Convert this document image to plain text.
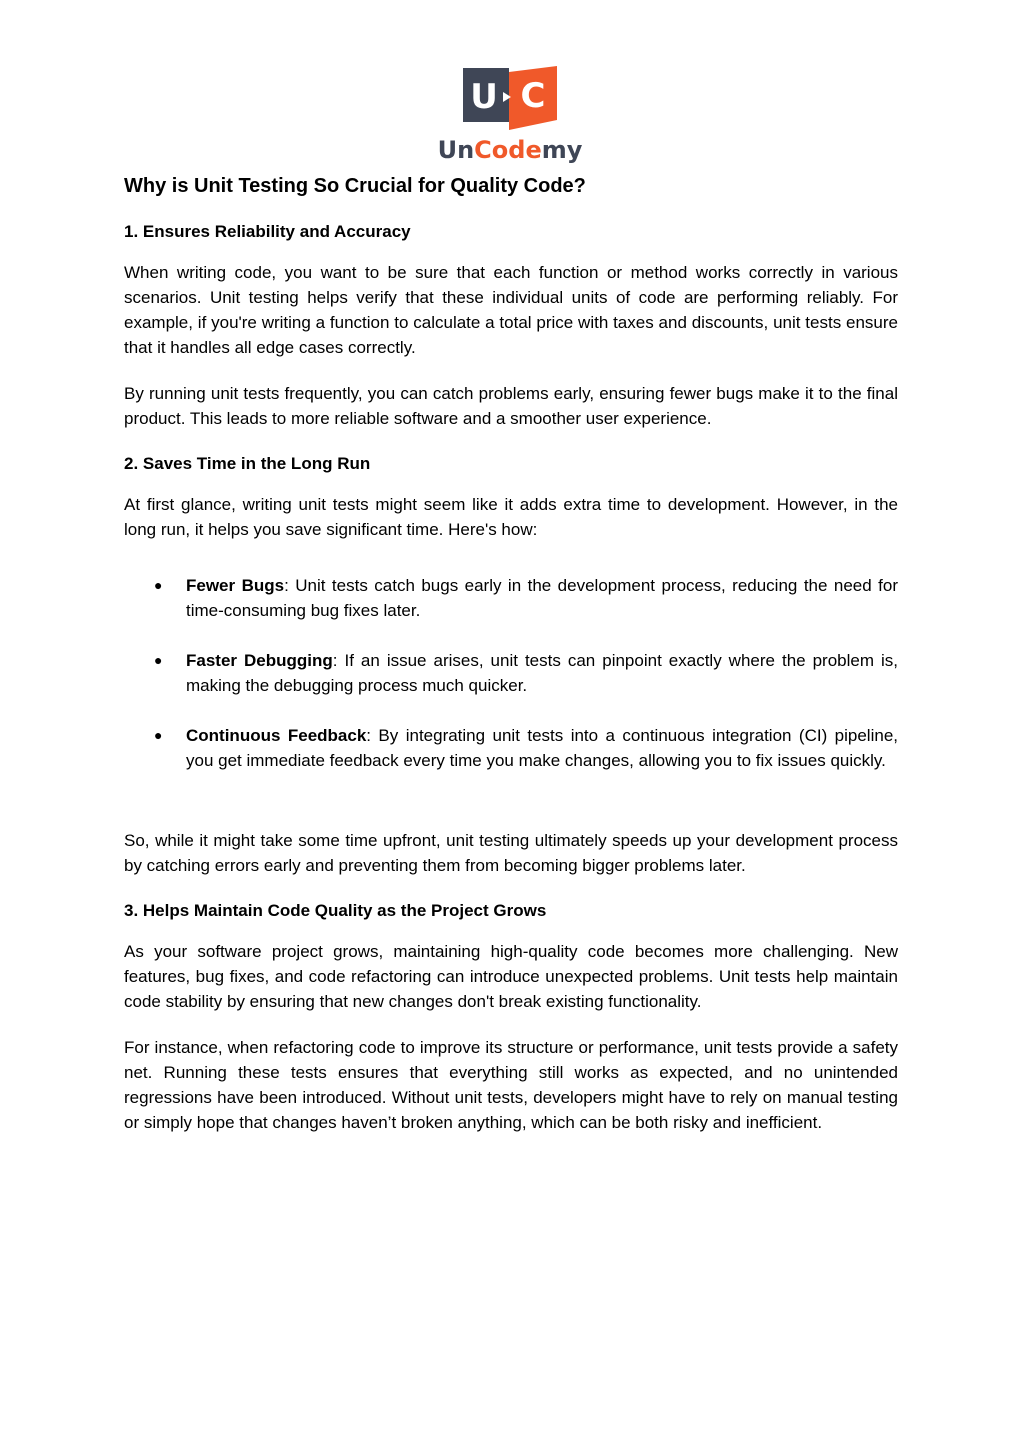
U C
UnCodemy
Why is Unit Testing So Crucial for Quality Code?
1. Ensures Reliability and Accuracy

When writing code, you want to be sure that each function or method works correctly in various scenarios. Unit testing helps verify that these individual units of code are performing reliably. For example, if you're writing a function to calculate a total price with taxes and discounts, unit tests ensure that it handles all edge cases correctly.

By running unit tests frequently, you can catch problems early, ensuring fewer bugs make it to the final product. This leads to more reliable software and a smoother user experience.

2. Saves Time in the Long Run

At first glance, writing unit tests might seem like it adds extra time to development. However, in the long run, it helps you save significant time. Here's how:

● Fewer Bugs: Unit tests catch bugs early in the development process, reducing the need for time-consuming bug fixes later.
● Faster Debugging: If an issue arises, unit tests can pinpoint exactly where the problem is, making the debugging process much quicker.
● Continuous Feedback: By integrating unit tests into a continuous integration (CI) pipeline, you get immediate feedback every time you make changes, allowing you to fix issues quickly.

So, while it might take some time upfront, unit testing ultimately speeds up your development process by catching errors early and preventing them from becoming bigger problems later.

3. Helps Maintain Code Quality as the Project Grows

As your software project grows, maintaining high-quality code becomes more challenging. New features, bug fixes, and code refactoring can introduce unexpected problems. Unit tests help maintain code stability by ensuring that new changes don't break existing functionality.

For instance, when refactoring code to improve its structure or performance, unit tests provide a safety net. Running these tests ensures that everything still works as expected, and no unintended regressions have been introduced. Without unit tests, developers might have to rely on manual testing or simply hope that changes haven’t broken anything, which can be both risky and inefficient.
